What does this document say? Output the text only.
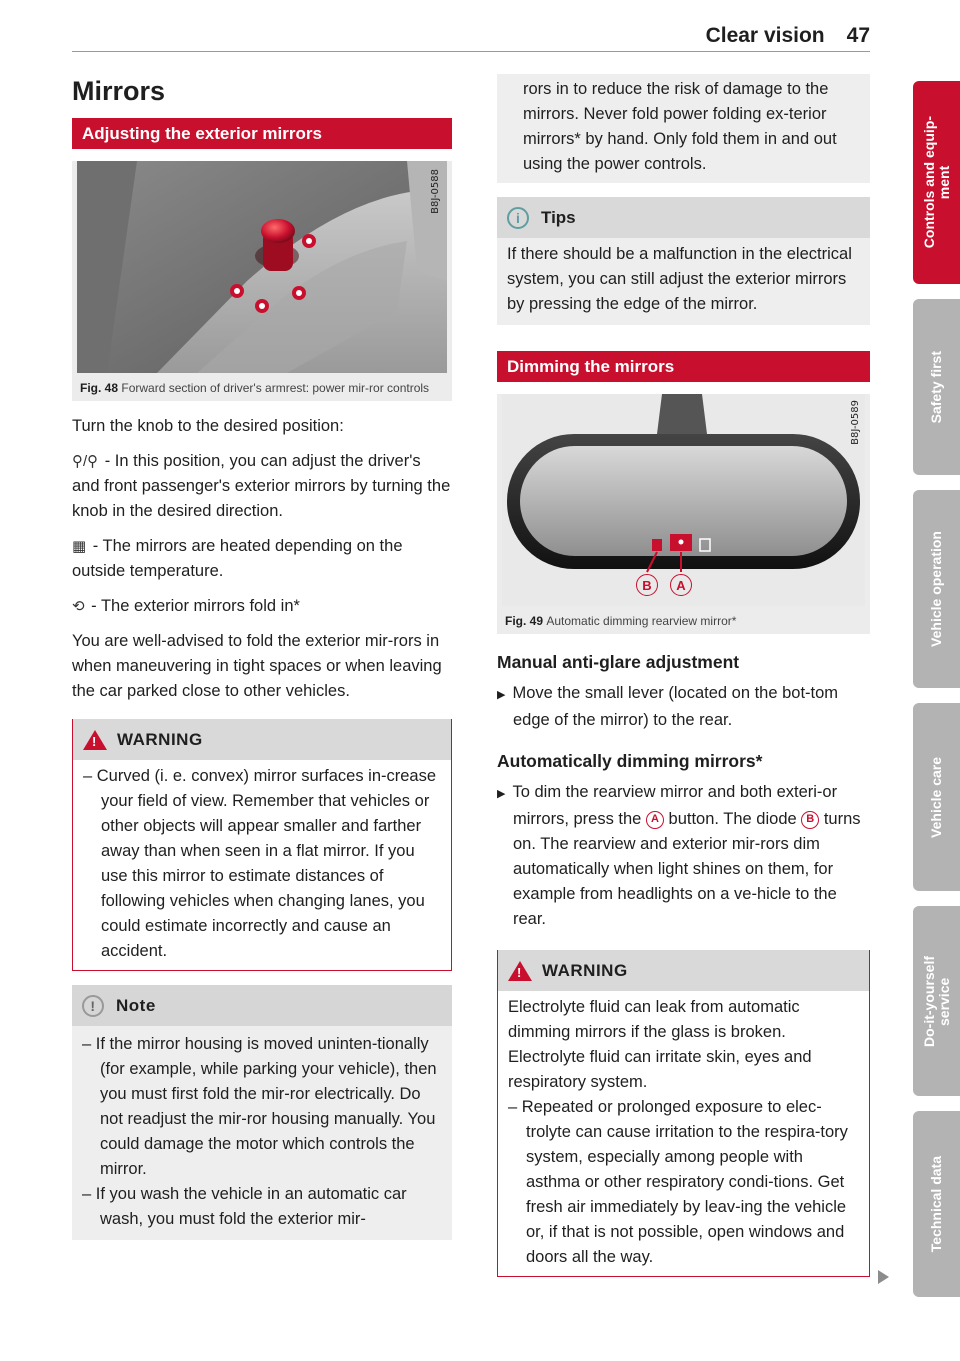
Clear vision 47
Mirrors
Adjusting the exterior mirrors
B8J-0588
Fig. 48 Forward section of driver's armrest: power mir-ror controls

Turn the knob to the desired position:

⚲/⚲ - In this position, you can adjust the driver's and front passenger's exterior mirrors by turning the knob in the desired direction.

▦ - The mirrors are heated depending on the outside temperature.

⟲ - The exterior mirrors fold in*

You are well-advised to fold the exterior mir-rors in when maneuvering in tight spaces or when leaving the car parked close to other vehicles.

!
WARNING
– Curved (i. e. convex) mirror surfaces in-crease your field of view. Remember that vehicles or other objects will appear smaller and farther away than when seen in a flat mirror. If you use this mirror to estimate distances of following vehicles when changing lanes, you could estimate incorrectly and cause an accident.
!	Note
– If the mirror housing is moved uninten-tionally (for example, while parking your vehicle), then you must first fold the mir-ror electrically. Do not readjust the mir-ror housing manually. You could damage the motor which controls the mirror.
– If you wash the vehicle in an automatic car wash, you must fold the exterior mir-
rors in to reduce the risk of damage to the mirrors. Never fold power folding ex-terior mirrors* by hand. Only fold them in and out using the power controls.
i	Tips
If there should be a malfunction in the electrical system, you can still adjust the exterior mirrors by pressing the edge of the mirror.
Dimming the mirrors
B8J-0589
B	A
Fig. 49 Automatic dimming rearview mirror*
Manual anti-glare adjustment

▶ Move the small lever (located on the bot-tom edge of the mirror) to the rear.

Automatically dimming mirrors*

▶ To dim the rearview mirror and both exteri-or mirrors, press the A button. The diode B turns on. The rearview and exterior mir-rors dim automatically when light shines on them, for example from headlights on a ve-hicle to the rear.

!
WARNING
Electrolyte fluid can leak from automatic dimming mirrors if the glass is broken. Electrolyte fluid can irritate skin, eyes and respiratory system.
– Repeated or prolonged exposure to elec-trolyte can cause irritation to the respira-tory system, especially among people with asthma or other respiratory condi-tions. Get fresh air immediately by leav-ing the vehicle or, if that is not possible, open windows and doors all the way.
Controls and equip-
ment
Safety first
Vehicle operation
Vehicle care
Do-it-yourself
service
Technical data
